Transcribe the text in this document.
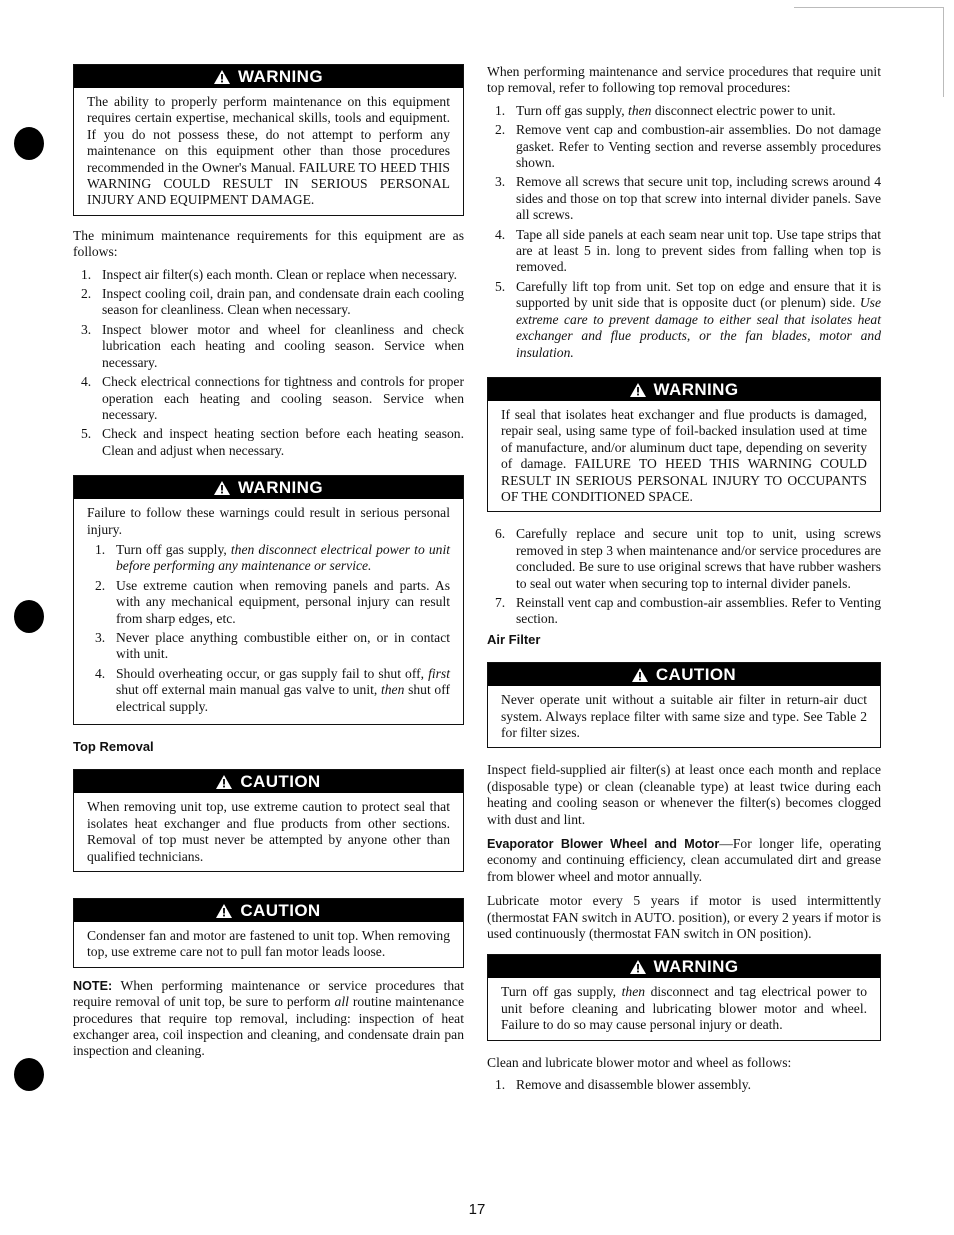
WARNING

The ability to properly perform maintenance on this equipment requires certain expertise, mechanical skills, tools and equipment. If you do not possess these, do not attempt to perform any maintenance on this equipment other than those procedures recommended in the Owner's Manual. FAILURE TO HEED THIS WARNING COULD RESULT IN SERIOUS PERSONAL INJURY AND EQUIPMENT DAMAGE.

The minimum maintenance requirements for this equipment are as follows:

1. Inspect air filter(s) each month. Clean or replace when necessary.
2. Inspect cooling coil, drain pan, and condensate drain each cooling season for cleanliness. Clean when necessary.
3. Inspect blower motor and wheel for cleanliness and check lubrication each heating and cooling season. Service when necessary.
4. Check electrical connections for tightness and controls for proper operation each heating and cooling season. Service when necessary.
5. Check and inspect heating section before each heating season. Clean and adjust when necessary.
WARNING

Failure to follow these warnings could result in serious personal injury.

1. Turn off gas supply, then disconnect electrical power to unit before performing any maintenance or service.
2. Use extreme caution when removing panels and parts. As with any mechanical equipment, personal injury can result from sharp edges, etc.
3. Never place anything combustible either on, or in contact with unit.
4. Should overheating occur, or gas supply fail to shut off, first shut off external main manual gas valve to unit, then shut off electrical supply.
Top Removal
CAUTION

When removing unit top, use extreme caution to protect seal that isolates heat exchanger and flue products from other sections. Removal of top must never be attempted by anyone other than qualified technicians.

CAUTION

Condenser fan and motor are fastened to unit top. When removing top, use extreme care not to pull fan motor leads loose.

NOTE: When performing maintenance or service procedures that require removal of unit top, be sure to perform all routine maintenance procedures that require top removal, including: inspection of heat exchanger area, coil inspection and cleaning, and condensate drain pan inspection and cleaning.

When performing maintenance and service procedures that require unit top removal, refer to following top removal procedures:

1. Turn off gas supply, then disconnect electric power to unit.
2. Remove vent cap and combustion-air assemblies. Do not damage gasket. Refer to Venting section and reverse assembly procedures shown.
3. Remove all screws that secure unit top, including screws around 4 sides and those on top that screw into internal divider panels. Save all screws.
4. Tape all side panels at each seam near unit top. Use tape strips that are at least 5 in. long to prevent sides from falling when top is removed.
5. Carefully lift top from unit. Set top on edge and ensure that it is supported by unit side that is opposite duct (or plenum) side. Use extreme care to prevent damage to either seal that isolates heat exchanger and flue products, or the fan blades, motor and insulation.
WARNING

If seal that isolates heat exchanger and flue products is damaged, repair seal, using same type of foil-backed insulation used at time of manufacture, and/or aluminum duct tape, depending on severity of damage. FAILURE TO HEED THIS WARNING COULD RESULT IN SERIOUS PERSONAL INJURY TO OCCUPANTS OF THE CONDITIONED SPACE.

6. Carefully replace and secure unit top to unit, using screws removed in step 3 when maintenance and/or service procedures are concluded. Be sure to use original screws that have rubber washers to seal out water when securing top to internal divider panels.
7. Reinstall vent cap and combustion-air assemblies. Refer to Venting section.
Air Filter
CAUTION

Never operate unit without a suitable air filter in return-air duct system. Always replace filter with same size and type. See Table 2 for filter sizes.

Inspect field-supplied air filter(s) at least once each month and replace (disposable type) or clean (cleanable type) at least twice during each heating and cooling season or whenever the filter(s) becomes clogged with dust and lint.

Evaporator Blower Wheel and Motor—For longer life, operating economy and continuing efficiency, clean accumulated dirt and grease from blower wheel and motor annually.

Lubricate motor every 5 years if motor is used intermittently (thermostat FAN switch in AUTO. position), or every 2 years if motor is used continuously (thermostat FAN switch in ON position).

WARNING

Turn off gas supply, then disconnect and tag electrical power to unit before cleaning and lubricating blower motor and wheel. Failure to do so may cause personal injury or death.

Clean and lubricate blower motor and wheel as follows:

1. Remove and disassemble blower assembly.
17
